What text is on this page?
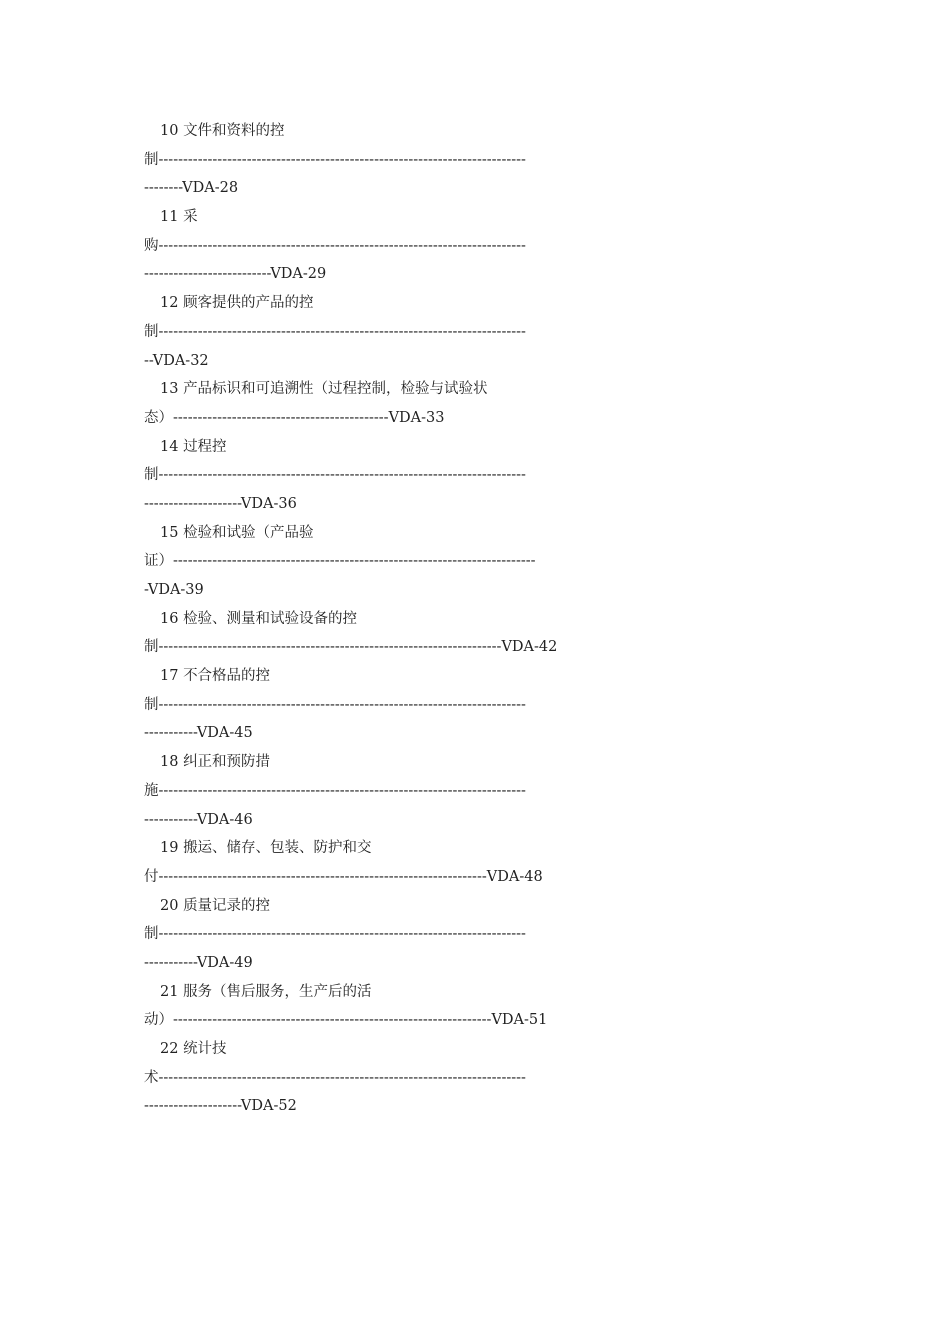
10 文件和资料的控
制---------------------------------------------------------------------------
--------VDA-28
11 采
购---------------------------------------------------------------------------
--------------------------VDA-29
12 顾客提供的产品的控
制---------------------------------------------------------------------------
--VDA-32
13 产品标识和可追溯性（过程控制，检验与试验状
态）--------------------------------------------VDA-33
14 过程控
制---------------------------------------------------------------------------
--------------------VDA-36
15 检验和试验（产品验
证）--------------------------------------------------------------------------
-VDA-39
16 检验、测量和试验设备的控
制----------------------------------------------------------------------VDA-42
17 不合格品的控
制---------------------------------------------------------------------------
-----------VDA-45
18 纠正和预防措
施---------------------------------------------------------------------------
-----------VDA-46
19 搬运、储存、包装、防护和交
付-------------------------------------------------------------------VDA-48
20 质量记录的控
制---------------------------------------------------------------------------
-----------VDA-49
21 服务（售后服务，生产后的活
动）-----------------------------------------------------------------VDA-51
22 统计技
术---------------------------------------------------------------------------
--------------------VDA-52
